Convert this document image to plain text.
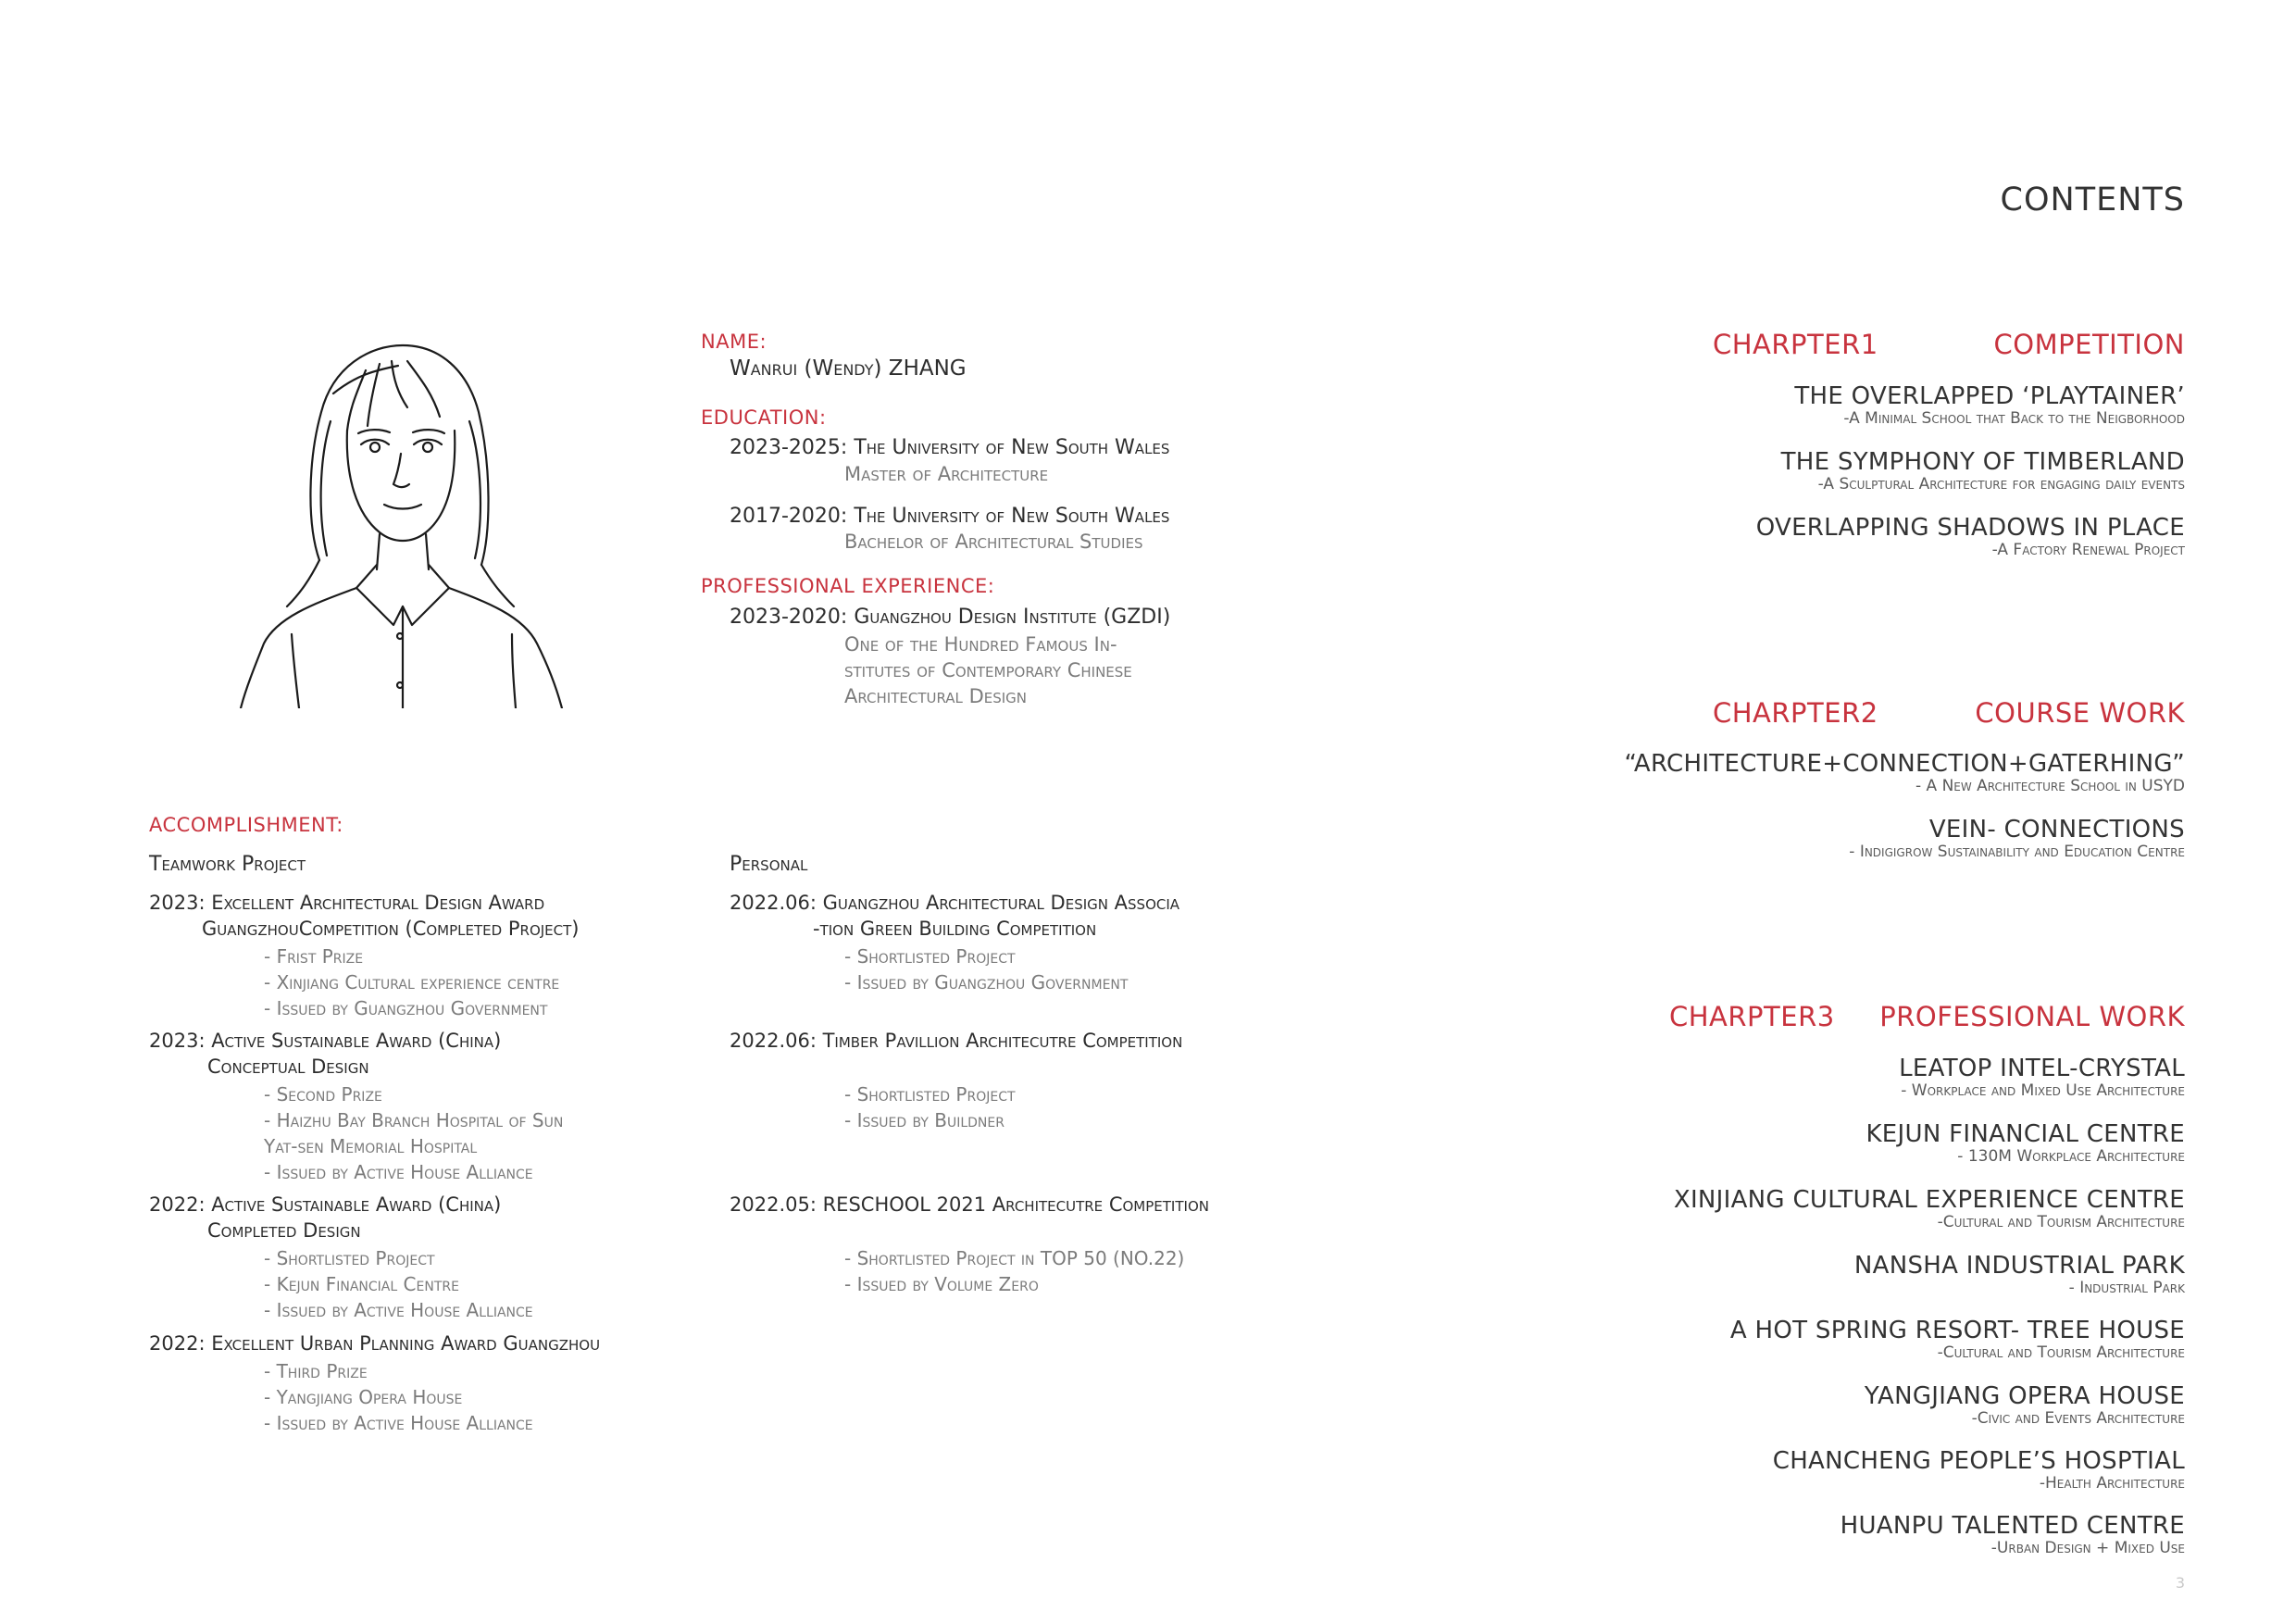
NAME:
Wanrui (Wendy) ZHANG
EDUCATION:
2023-2025: The University of New South Wales
Master of Architecture
2017-2020: The University of New South Wales
Bachelor of Architectural Studies
PROFESSIONAL EXPERIENCE:
2023-2020: Guangzhou Design Institute (GZDI)
One of the Hundred Famous In-
stitutes of Contemporary Chinese
Architectural Design
ACCOMPLISHMENT:
Teamwork Project	Personal
2023: Excellent Architectural Design Award
GuangzhouCompetition (Completed Project)
- Frist Prize
- Xinjiang Cultural experience centre
- Issued by Guangzhou Government
2023: Active Sustainable Award (China)
Conceptual Design
- Second Prize
- Haizhu Bay Branch Hospital of Sun
Yat-sen Memorial Hospital
- Issued by Active House Alliance
2022: Active Sustainable Award (China)
Completed Design
- Shortlisted Project
- Kejun Financial Centre
- Issued by Active House Alliance
2022: Excellent Urban Planning Award Guangzhou
- Third Prize
- Yangjiang Opera House
- Issued by Active House Alliance
2022.06: Guangzhou Architectural Design Associa
-tion Green Building Competition
- Shortlisted Project
- Issued by Guangzhou Government
2022.06: Timber Pavillion Architecutre Competition
- Shortlisted Project
- Issued by Buildner
2022.05: RESCHOOL 2021 Architecutre Competition
- Shortlisted Project in TOP 50 (NO.22)
- Issued by Volume Zero
CONTENTS
CHARPTER1	COMPETITION
THE OVERLAPPED ‘PLAYTAINER’
-A Minimal School that Back to the Neigborhood
THE SYMPHONY OF TIMBERLAND
-A Sculptural Architecture for engaging daily events
OVERLAPPING SHADOWS IN PLACE
-A Factory Renewal Project
CHARPTER2	COURSE WORK
“ARCHITECTURE+CONNECTION+GATERHING”
- A New Architecture School in USYD
VEIN- CONNECTIONS
- Indigigrow Sustainability and Education Centre
CHARPTER3 PROFESSIONAL WORK
LEATOP INTEL-CRYSTAL
- Workplace and Mixed Use Architecture
KEJUN FINANCIAL CENTRE
- 130M Workplace Architecture
XINJIANG CULTURAL EXPERIENCE CENTRE
-Cultural and Tourism Architecture
NANSHA INDUSTRIAL PARK
- Industrial Park
A HOT SPRING RESORT- TREE HOUSE
-Cultural and Tourism Architecture
YANGJIANG OPERA HOUSE
-Civic and Events Architecture
CHANCHENG PEOPLE’S HOSPTIAL
-Health Architecture
HUANPU TALENTED CENTRE
-Urban Design + Mixed Use
3
